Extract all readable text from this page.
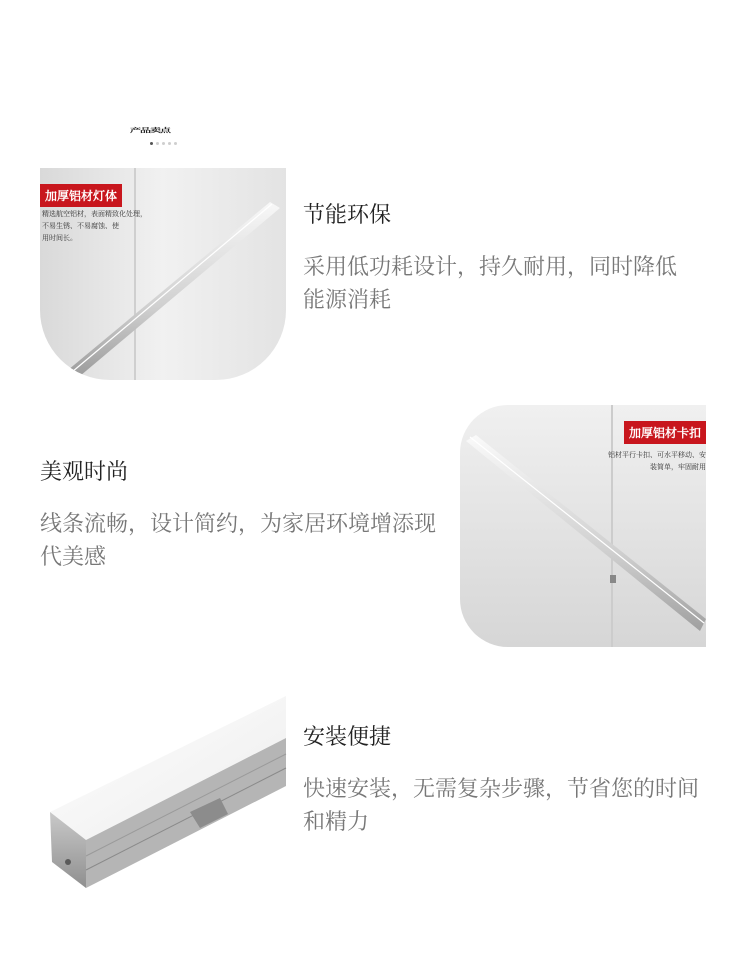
产品卖点
加厚铝材灯体
精选航空铝材，表面精致化处理，
不易生锈、不易腐蚀、使
用时间长。
节能环保

采用低功耗设计，持久耐用，同时降低能源消耗

美观时尚

线条流畅，设计简约，为家居环境增添现代美感

加厚铝材卡扣
铝材平行卡扣、可水平移动、安
装简单，牢固耐用
安装便捷

快速安装，无需复杂步骤，节省您的时间和精力
